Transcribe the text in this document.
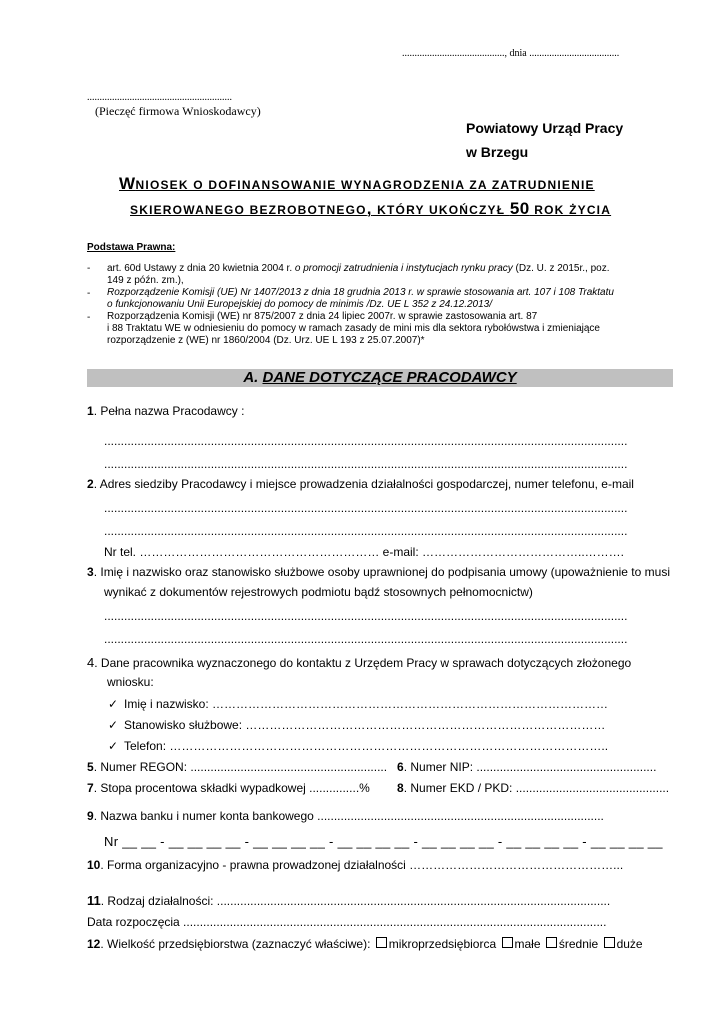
........................................., dnia ....................................
..........................................................
(Pieczęć firmowa Wnioskodawcy)
Powiatowy Urząd Pracy
w Brzegu
WNIOSEK O DOFINANSOWANIE WYNAGRODZENIA ZA ZATRUDNIENIE
SKIEROWANEGO BEZROBOTNEGO, KTÓRY UKOŃCZYŁ 50 ROK ŻYCIA
Podstawa Prawna:
- art. 60d Ustawy z dnia 20 kwietnia 2004 r. o promocji zatrudnienia i instytucjach rynku pracy (Dz. U. z 2015r., poz.
149 z późn. zm.),
- Rozporządzenie Komisji (UE) Nr 1407/2013 z dnia 18 grudnia 2013 r. w sprawie stosowania art. 107 i 108 Traktatu
o funkcjonowaniu Unii Europejskiej do pomocy de minimis /Dz. UE L 352 z 24.12.2013/
- Rozporządzenia Komisji (WE) nr 875/2007 z dnia 24 lipiec 2007r. w sprawie zastosowania art. 87
i 88 Traktatu WE w odniesieniu do pomocy w ramach zasady de mini mis dla sektora rybołówstwa i zmieniające
rozporządzenie z (WE) nr 1860/2004 (Dz. Urz. UE L 193 z 25.07.2007)*
A. DANE DOTYCZĄCE PRACODAWCY
1. Pełna nazwa Pracodawcy :
.............................................................................................................................................................
.............................................................................................................................................................
2. Adres siedziby Pracodawcy i miejsce prowadzenia działalności gospodarczej, numer telefonu, e-mail
.............................................................................................................................................................
.............................................................................................................................................................
Nr tel. …………………………………………………… e-mail: …………………………………..……….
3. Imię i nazwisko oraz stanowisko służbowe osoby uprawnionej do podpisania umowy (upoważnienie to musi
wynikać z dokumentów rejestrowych podmiotu bądź stosownych pełnomocnictw)
.............................................................................................................................................................
.............................................................................................................................................................
4. Dane pracownika wyznaczonego do kontaktu z Urzędem Pracy w sprawach dotyczących złożonego
wniosku:
✓ Imię i nazwisko: ………………………………………………………………………………………
✓ Stanowisko służbowe: ………………………………………………………………………………
✓ Telefon: ………………………………………………………………………………………………..
5. Numer REGON: ........................................................... 6. Numer NIP: ......................................................
7. Stopa procentowa składki wypadkowej ...............% 8. Numer EKD / PKD: ..............................................
9. Nazwa banku i numer konta bankowego ......................................................................................
Nr __ __ - __ __ __ __ - __ __ __ __ - __ __ __ __ - __ __ __ __ - __ __ __ __ - __ __ __ __
10. Forma organizacyjno - prawna prowadzonej działalności ……………………………………………...
11. Rodzaj działalności: ......................................................................................................................
Data rozpoczęcia ...............................................................................................................................
12. Wielkość przedsiębiorstwa (zaznaczyć właściwe): mikroprzedsiębiorca małe średnie duże
